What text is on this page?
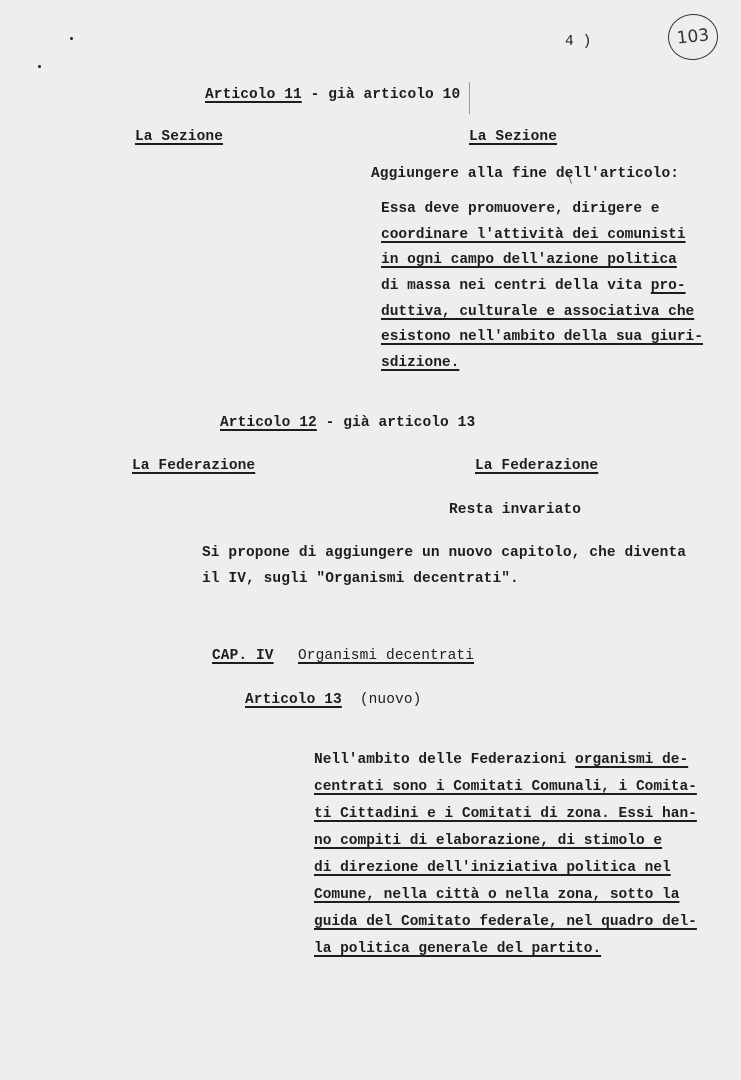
4 )	103
Articolo 11 - già articolo 10
La Sezione	La Sezione
Aggiungere alla fine dell'articolo:
Essa deve promuovere, dirigere e
coordinare l'attività dei comunisti
in ogni campo dell'azione politica
di massa nei centri della vita pro-
duttiva, culturale e associativa che
esistono nell'ambito della sua giuri-
sdizione.
Articolo 12 - già articolo 13
La Federazione	La Federazione
Resta invariato
Si propone di aggiungere un nuovo capitolo, che diventa
il IV, sugli "Organismi decentrati".
CAP. IV Organismi decentrati
Articolo 13 (nuovo)
Nell'ambito delle Federazioni organismi de-
centrati sono i Comitati Comunali, i Comita-
ti Cittadini e i Comitati di zona. Essi han-
no compiti di elaborazione, di stimolo e
di direzione dell'iniziativa politica nel
Comune, nella città o nella zona, sotto la
guida del Comitato federale, nel quadro del-
la politica generale del partito.
